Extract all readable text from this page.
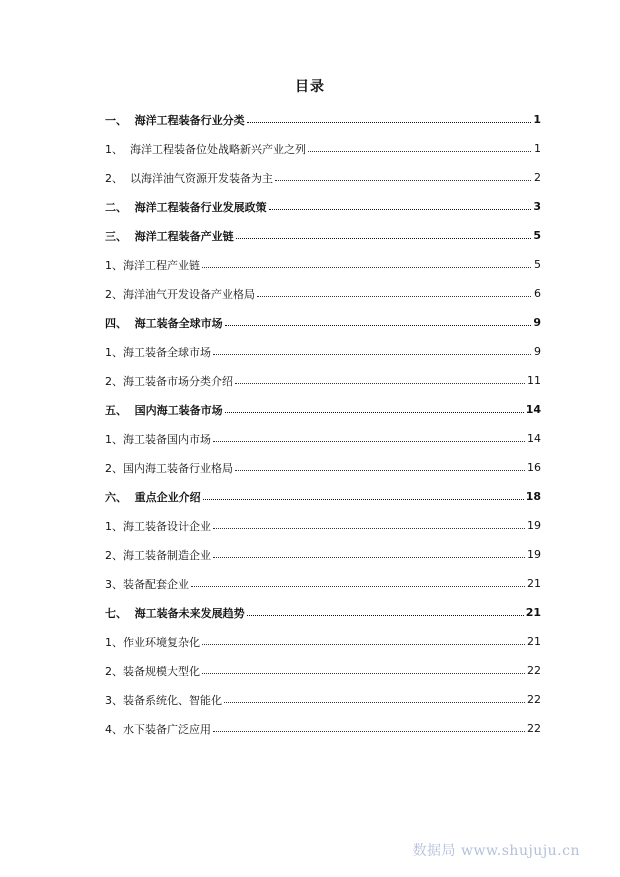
目录
一、 海洋工程装备行业分类	1
1、 海洋工程装备位处战略新兴产业之列	1
2、 以海洋油气资源开发装备为主	2
二、 海洋工程装备行业发展政策	3
三、 海洋工程装备产业链	5
1、 海洋工程产业链	5
2、 海洋油气开发设备产业格局	6
四、 海工装备全球市场	9
1、 海工装备全球市场	9
2、 海工装备市场分类介绍	11
五、 国内海工装备市场	14
1、 海工装备国内市场	14
2、 国内海工装备行业格局	16
六、 重点企业介绍	18
1、 海工装备设计企业	19
2、 海工装备制造企业	19
3、 装备配套企业	21
七、 海工装备未来发展趋势	21
1、 作业环境复杂化	21
2、 装备规模大型化	22
3、 装备系统化、智能化	22
4、 水下装备广泛应用	22
数据局 www.shujuju.cn
